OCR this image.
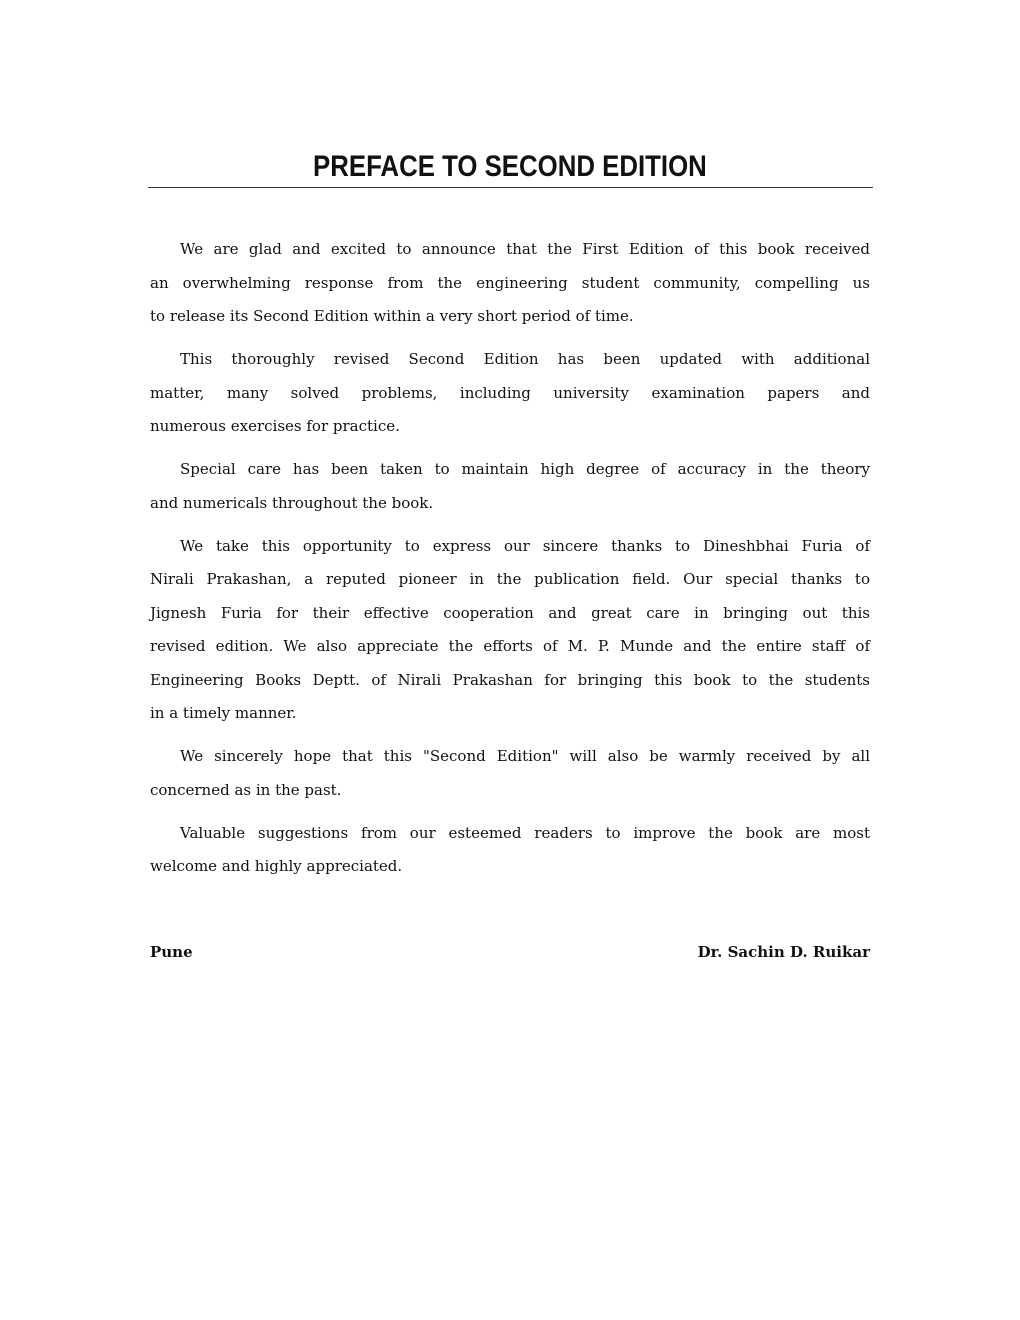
PREFACE TO SECOND EDITION
We are glad and excited to announce that the First Edition of this book received
an overwhelming response from the engineering student community, compelling us
to release its Second Edition within a very short period of time.
This thoroughly revised Second Edition has been updated with additional
matter, many solved problems, including university examination papers and
numerous exercises for practice.
Special care has been taken to maintain high degree of accuracy in the theory
and numericals throughout the book.
We take this opportunity to express our sincere thanks to Dineshbhai Furia of
Nirali Prakashan, a reputed pioneer in the publication field. Our special thanks to
Jignesh Furia for their effective cooperation and great care in bringing out this
revised edition. We also appreciate the efforts of M. P. Munde and the entire staff of
Engineering Books Deptt. of Nirali Prakashan for bringing this book to the students
in a timely manner.
We sincerely hope that this "Second Edition" will also be warmly received by all
concerned as in the past.
Valuable suggestions from our esteemed readers to improve the book are most
welcome and highly appreciated.
Pune	Dr. Sachin D. Ruikar
